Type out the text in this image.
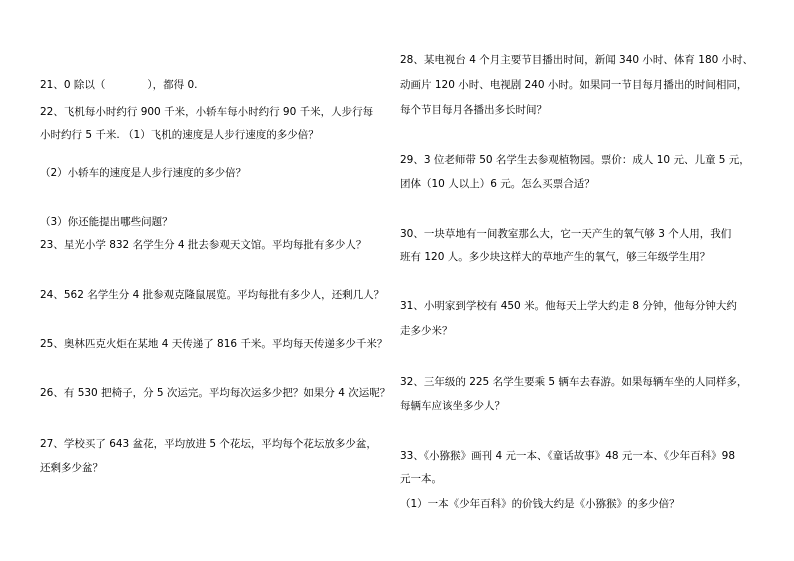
21、0 除以（　　　　），都得 0.
22、飞机每小时约行 900 千米，小轿车每小时约行 90 千米，人步行每
小时约行 5 千米. （1）飞机的速度是人步行速度的多少倍？
（2）小轿车的速度是人步行速度的多少倍？
（3）你还能提出哪些问题？
23、星光小学 832 名学生分 4 批去参观天文馆。平均每批有多少人？
24、562 名学生分 4 批参观克隆鼠展览。平均每批有多少人，还剩几人？
25、奥林匹克火炬在某地 4 天传递了 816 千米。平均每天传递多少千米？
26、有 530 把椅子，分 5 次运完。平均每次运多少把？如果分 4 次运呢？
27、学校买了 643 盆花，平均放进 5 个花坛，平均每个花坛放多少盆，
还剩多少盆？
28、某电视台 4 个月主要节目播出时间，新闻 340 小时、体育 180 小时、
动画片 120 小时、电视剧 240 小时。如果同一节目每月播出的时间相同，
每个节目每月各播出多长时间？
29、3 位老师带 50 名学生去参观植物园。票价：成人 10 元、儿童 5 元，
团体（10 人以上）6 元。怎么买票合适？
30、一块草地有一间教室那么大，它一天产生的氧气够 3 个人用，我们
班有 120 人。多少块这样大的草地产生的氧气，够三年级学生用？
31、小明家到学校有 450 米。他每天上学大约走 8 分钟，他每分钟大约
走多少米？
32、三年级的 225 名学生要乘 5 辆车去春游。如果每辆车坐的人同样多，
每辆车应该坐多少人？
33、《小猕猴》画刊 4 元一本、《童话故事》48 元一本、《少年百科》98
元一本。
（1）一本《少年百科》的价钱大约是《小猕猴》的多少倍？
